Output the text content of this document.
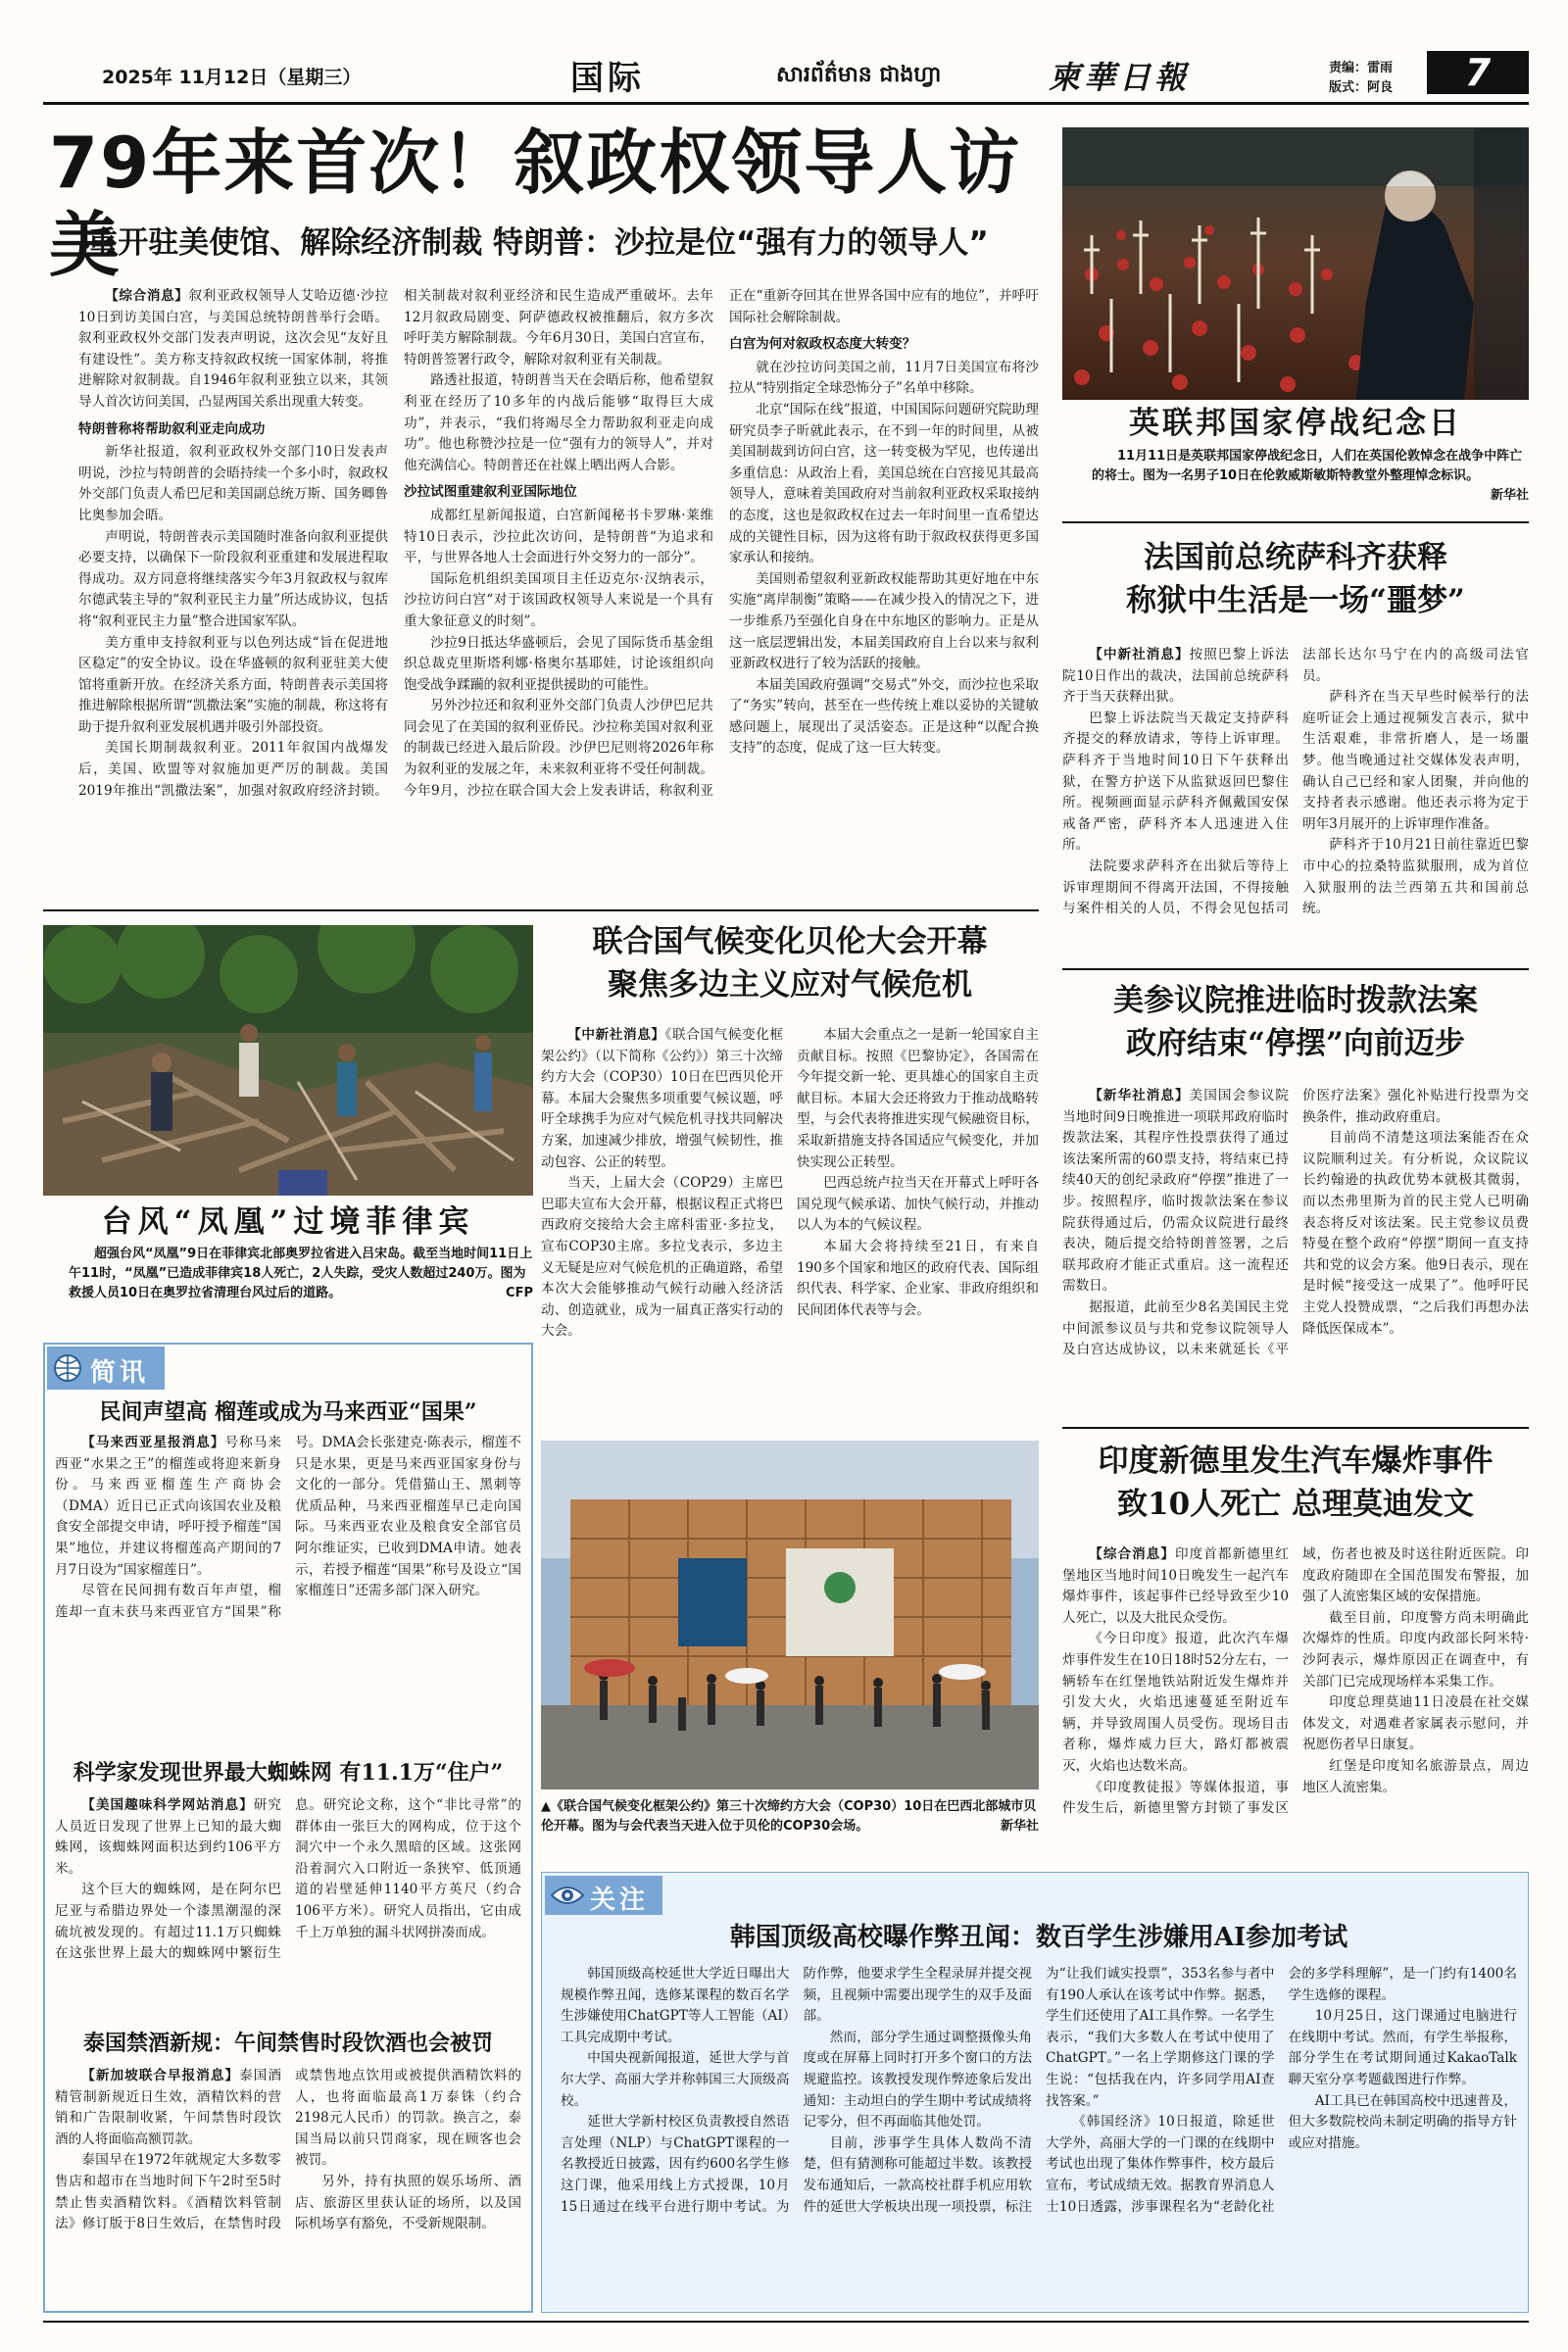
2025年 11月12日（星期三）	国际	សារព័ត៌មាន ជាងហ្វា	柬華日報	责编：雷雨
版式：阿良	7
79年来首次！叙政权领导人访美
重开驻美使馆、解除经济制裁 特朗普：沙拉是位“强有力的领导人”

【综合消息】叙利亚政权领导人艾哈迈德·沙拉10日到访美国白宫，与美国总统特朗普举行会晤。叙利亚政权外交部门发表声明说，这次会见“友好且有建设性”。美方称支持叙政权统一国家体制，将推进解除对叙制裁。自1946年叙利亚独立以来，其领导人首次访问美国，凸显两国关系出现重大转变。

特朗普称将帮助叙利亚走向成功

新华社报道，叙利亚政权外交部门10日发表声明说，沙拉与特朗普的会晤持续一个多小时，叙政权外交部门负责人希巴尼和美国副总统万斯、国务卿鲁比奥参加会晤。

声明说，特朗普表示美国随时准备向叙利亚提供必要支持，以确保下一阶段叙利亚重建和发展进程取得成功。双方同意将继续落实今年3月叙政权与叙库尔德武装主导的“叙利亚民主力量”所达成协议，包括将“叙利亚民主力量”整合进国家军队。

美方重申支持叙利亚与以色列达成“旨在促进地区稳定”的安全协议。设在华盛顿的叙利亚驻美大使馆将重新开放。在经济关系方面，特朗普表示美国将推进解除根据所谓“凯撒法案”实施的制裁，称这将有助于提升叙利亚发展机遇并吸引外部投资。

美国长期制裁叙利亚。2011年叙国内战爆发后，美国、欧盟等对叙施加更严厉的制裁。美国2019年推出“凯撒法案”，加强对叙政府经济封锁。相关制裁对叙利亚经济和民生造成严重破坏。去年12月叙政局剧变、阿萨德政权被推翻后，叙方多次呼吁美方解除制裁。今年6月30日，美国白宫宣布，特朗普签署行政令，解除对叙利亚有关制裁。

路透社报道，特朗普当天在会晤后称，他希望叙利亚在经历了10多年的内战后能够“取得巨大成功”，并表示，“我们将竭尽全力帮助叙利亚走向成功”。他也称赞沙拉是一位“强有力的领导人”，并对他充满信心。特朗普还在社媒上晒出两人合影。

沙拉试图重建叙利亚国际地位

成都红星新闻报道，白宫新闻秘书卡罗琳·莱维特10日表示，沙拉此次访问，是特朗普“为追求和平，与世界各地人士会面进行外交努力的一部分”。

国际危机组织美国项目主任迈克尔·汉纳表示，沙拉访问白宫“对于该国政权领导人来说是一个具有重大象征意义的时刻”。

沙拉9日抵达华盛顿后，会见了国际货币基金组织总裁克里斯塔利娜·格奥尔基耶娃，讨论该组织向饱受战争蹂躏的叙利亚提供援助的可能性。

另外沙拉还和叙利亚外交部门负责人沙伊巴尼共同会见了在美国的叙利亚侨民。沙拉称美国对叙利亚的制裁已经进入最后阶段。沙伊巴尼则将2026年称为叙利亚的发展之年，未来叙利亚将不受任何制裁。今年9月，沙拉在联合国大会上发表讲话，称叙利亚正在“重新夺回其在世界各国中应有的地位”，并呼吁国际社会解除制裁。

白宫为何对叙政权态度大转变？

就在沙拉访问美国之前，11月7日美国宣布将沙拉从“特别指定全球恐怖分子”名单中移除。

北京“国际在线”报道，中国国际问题研究院助理研究员李子昕就此表示，在不到一年的时间里，从被美国制裁到访问白宫，这一转变极为罕见，也传递出多重信息：从政治上看，美国总统在白宫接见其最高领导人，意味着美国政府对当前叙利亚政权采取接纳的态度，这也是叙政权在过去一年时间里一直希望达成的关键性目标，因为这将有助于叙政权获得更多国家承认和接纳。

美国则希望叙利亚新政权能帮助其更好地在中东实施“离岸制衡”策略——在减少投入的情况之下，进一步维系乃至强化自身在中东地区的影响力。正是从这一底层逻辑出发，本届美国政府自上台以来与叙利亚新政权进行了较为活跃的接触。

本届美国政府强调“交易式”外交，而沙拉也采取了“务实”转向，甚至在一些传统上难以妥协的关键敏感问题上，展现出了灵活姿态。正是这种“以配合换支持”的态度，促成了这一巨大转变。

英联邦国家停战纪念日
11月11日是英联邦国家停战纪念日，人们在英国伦敦悼念在战争中阵亡的将士。图为一名男子10日在伦敦威斯敏斯特教堂外整理悼念标识。
新华社
法国前总统萨科齐获释
称狱中生活是一场“噩梦”

【中新社消息】按照巴黎上诉法院10日作出的裁决，法国前总统萨科齐于当天获释出狱。

巴黎上诉法院当天裁定支持萨科齐提交的释放请求，等待上诉审理。萨科齐于当地时间10日下午获释出狱，在警方护送下从监狱返回巴黎住所。视频画面显示萨科齐佩戴国安保戒备严密，萨科齐本人迅速进入住所。

法院要求萨科齐在出狱后等待上诉审理期间不得离开法国，不得接触与案件相关的人员，不得会见包括司法部长达尔马宁在内的高级司法官员。

萨科齐在当天早些时候举行的法庭听证会上通过视频发言表示，狱中生活艰难，非常折磨人，是一场噩梦。他当晚通过社交媒体发表声明，确认自己已经和家人团聚，并向他的支持者表示感谢。他还表示将为定于明年3月展开的上诉审理作准备。

萨科齐于10月21日前往靠近巴黎市中心的拉桑特监狱服刑，成为首位入狱服刑的法兰西第五共和国前总统。

台风“凤凰”过境菲律宾
超强台风“凤凰”9日在菲律宾北部奥罗拉省进入吕宋岛。截至当地时间11日上午11时，“凤凰”已造成菲律宾18人死亡，2人失踪，受灾人数超过240万。图为救援人员10日在奥罗拉省清理台风过后的道路。	CFP
联合国气候变化贝伦大会开幕
聚焦多边主义应对气候危机

【中新社消息】《联合国气候变化框架公约》（以下简称《公约》）第三十次缔约方大会（COP30）10日在巴西贝伦开幕。本届大会聚焦多项重要气候议题，呼吁全球携手为应对气候危机寻找共同解决方案，加速减少排放，增强气候韧性，推动包容、公正的转型。

当天，上届大会（COP29）主席巴巴耶夫宣布大会开幕，根据议程正式将巴西政府交接给大会主席科雷亚·多拉戈，宣布COP30主席。多拉戈表示，多边主义无疑是应对气候危机的正确道路，希望本次大会能够推动气候行动融入经济活动、创造就业，成为一届真正落实行动的大会。

本届大会重点之一是新一轮国家自主贡献目标。按照《巴黎协定》，各国需在今年提交新一轮、更具雄心的国家自主贡献目标。本届大会还将致力于推动战略转型，与会代表将推进实现气候融资目标，采取新措施支持各国适应气候变化，并加快实现公正转型。

巴西总统卢拉当天在开幕式上呼吁各国兑现气候承诺、加快气候行动，并推动以人为本的气候议程。

本届大会将持续至21日，有来自190多个国家和地区的政府代表、国际组织代表、科学家、企业家、非政府组织和民间团体代表等与会。

美参议院推进临时拨款法案
政府结束“停摆”向前迈步

【新华社消息】美国国会参议院当地时间9日晚推进一项联邦政府临时拨款法案，其程序性投票获得了通过该法案所需的60票支持，将结束已持续40天的创纪录政府“停摆”推进了一步。按照程序，临时拨款法案在参议院获得通过后，仍需众议院进行最终表决，随后提交给特朗普签署，之后联邦政府才能正式重启。这一流程还需数日。

据报道，此前至少8名美国民主党中间派参议员与共和党参议院领导人及白宫达成协议，以未来就延长《平价医疗法案》强化补贴进行投票为交换条件，推动政府重启。

目前尚不清楚这项法案能否在众议院顺利过关。有分析说，众议院议长约翰逊的执政优势本就极其微弱，而以杰弗里斯为首的民主党人已明确表态将反对该法案。民主党参议员费特曼在整个政府“停摆”期间一直支持共和党的议会方案。他9日表示，现在是时候“接受这一成果了”。他呼吁民主党人投赞成票，“之后我们再想办法降低医保成本”。

简讯
民间声望高 榴莲或成为马来西亚“国果”

【马来西亚星报消息】号称马来西亚“水果之王”的榴莲或将迎来新身份。马来西亚榴莲生产商协会（DMA）近日已正式向该国农业及粮食安全部提交申请，呼吁授予榴莲“国果”地位，并建议将榴莲高产期间的7月7日设为“国家榴莲日”。

尽管在民间拥有数百年声望，榴莲却一直未获马来西亚官方“国果”称号。DMA会长张建克·陈表示，榴莲不只是水果，更是马来西亚国家身份与文化的一部分。凭借猫山王、黑刺等优质品种，马来西亚榴莲早已走向国际。马来西亚农业及粮食安全部官员阿尔维证实，已收到DMA申请。她表示，若授予榴莲“国果”称号及设立“国家榴莲日”还需多部门深入研究。

科学家发现世界最大蜘蛛网 有11.1万“住户”

【美国趣味科学网站消息】研究人员近日发现了世界上已知的最大蜘蛛网，该蜘蛛网面积达到约106平方米。

这个巨大的蜘蛛网，是在阿尔巴尼亚与希腊边界处一个漆黑潮湿的深硫坑被发现的。有超过11.1万只蜘蛛在这张世界上最大的蜘蛛网中繁衍生息。研究论文称，这个“非比寻常”的群体由一张巨大的网构成，位于这个洞穴中一个永久黑暗的区域。这张网沿着洞穴入口附近一条狭窄、低顶通道的岩壁延伸1140平方英尺（约合106平方米）。研究人员指出，它由成千上万单独的漏斗状网拼凑而成。

泰国禁酒新规：午间禁售时段饮酒也会被罚

【新加坡联合早报消息】泰国酒精管制新规近日生效，酒精饮料的营销和广告限制收紧，午间禁售时段饮酒的人将面临高额罚款。

泰国早在1972年就规定大多数零售店和超市在当地时间下午2时至5时禁止售卖酒精饮料。《酒精饮料管制法》修订版于8日生效后，在禁售时段或禁售地点饮用或被提供酒精饮料的人，也将面临最高1万泰铢（约合2198元人民币）的罚款。换言之，泰国当局以前只罚商家，现在顾客也会被罚。

另外，持有执照的娱乐场所、酒店、旅游区里获认证的场所，以及国际机场享有豁免，不受新规限制。

▲《联合国气候变化框架公约》第三十次缔约方大会（COP30）10日在巴西北部城市贝伦开幕。图为与会代表当天进入位于贝伦的COP30会场。	新华社
印度新德里发生汽车爆炸事件
致10人死亡 总理莫迪发文

【综合消息】印度首都新德里红堡地区当地时间10日晚发生一起汽车爆炸事件，该起事件已经导致至少10人死亡，以及大批民众受伤。

《今日印度》报道，此次汽车爆炸事件发生在10日18时52分左右，一辆轿车在红堡地铁站附近发生爆炸并引发大火，火焰迅速蔓延至附近车辆，并导致周围人员受伤。现场目击者称，爆炸威力巨大，路灯都被震灭，火焰也达数米高。

《印度教徒报》等媒体报道，事件发生后，新德里警方封锁了事发区域，伤者也被及时送往附近医院。印度政府随即在全国范围发布警报，加强了人流密集区域的安保措施。

截至目前，印度警方尚未明确此次爆炸的性质。印度内政部长阿米特·沙阿表示，爆炸原因正在调查中，有关部门已完成现场样本采集工作。

印度总理莫迪11日凌晨在社交媒体发文，对遇难者家属表示慰问，并祝愿伤者早日康复。

红堡是印度知名旅游景点，周边地区人流密集。

关注
韩国顶级高校曝作弊丑闻：数百学生涉嫌用AI参加考试

韩国顶级高校延世大学近日曝出大规模作弊丑闻，选修某课程的数百名学生涉嫌使用ChatGPT等人工智能（AI）工具完成期中考试。

中国央视新闻报道，延世大学与首尔大学、高丽大学并称韩国三大顶级高校。

延世大学新村校区负责教授自然语言处理（NLP）与ChatGPT课程的一名教授近日披露，因有约600名学生修这门课，他采用线上方式授课，10月15日通过在线平台进行期中考试。为防作弊，他要求学生全程录屏并提交视频，且视频中需要出现学生的双手及面部。

然而，部分学生通过调整摄像头角度或在屏幕上同时打开多个窗口的方法规避监控。该教授发现作弊迹象后发出通知：主动坦白的学生期中考试成绩将记零分，但不再面临其他处罚。

目前，涉事学生具体人数尚不清楚，但有猜测称可能超过半数。该教授发布通知后，一款高校社群手机应用软件的延世大学板块出现一项投票，标注为“让我们诚实投票”，353名参与者中有190人承认在该考试中作弊。据悉，学生们还使用了AI工具作弊。一名学生表示，“我们大多数人在考试中使用了ChatGPT。”一名上学期修这门课的学生说：“包括我在内，许多同学用AI查找答案。”

《韩国经济》10日报道，除延世大学外，高丽大学的一门课的在线期中考试也出现了集体作弊事件，校方最后宣布，考试成绩无效。据教育界消息人士10日透露，涉事课程名为“老龄化社会的多学科理解”，是一门约有1400名学生选修的课程。

10月25日，这门课通过电脑进行在线期中考试。然而，有学生举报称，部分学生在考试期间通过KakaoTalk聊天室分享考题截图进行作弊。

AI工具已在韩国高校中迅速普及，但大多数院校尚未制定明确的指导方针或应对措施。
